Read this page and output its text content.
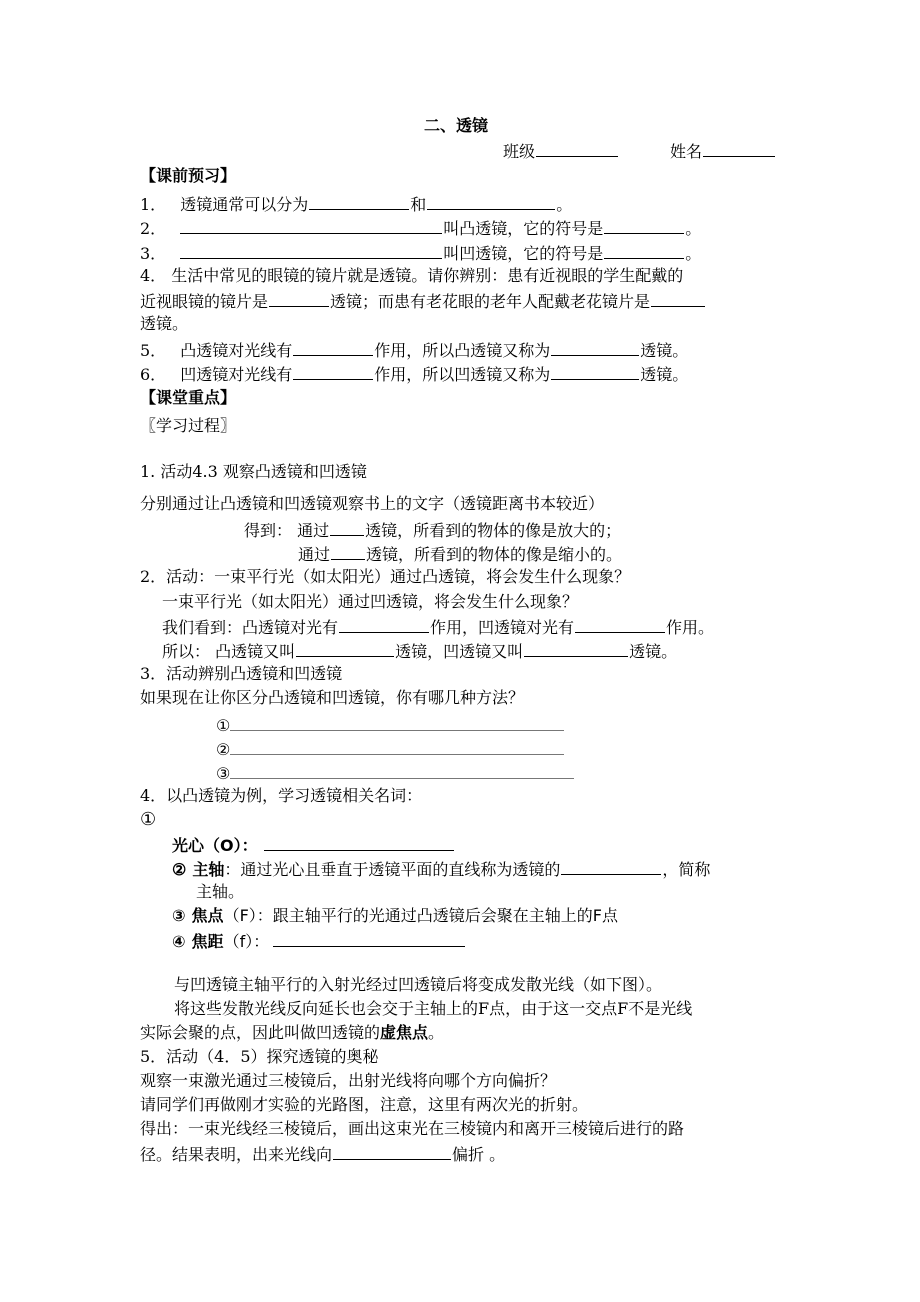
二、透镜
班级	姓名
【课前预习】
1． 透镜通常可以分为	和	。
2．	叫凸透镜，它的符号是	。
3．	叫凹透镜，它的符号是	。
4． 生活中常见的眼镜的镜片就是透镜。请你辨别：患有近视眼的学生配戴的
近视眼镜的镜片是	透镜；而患有老花眼的老年人配戴老花镜片是
透镜。
5． 凸透镜对光线有	作用，所以凸透镜又称为	透镜。
6． 凹透镜对光线有	作用，所以凹透镜又称为	透镜。
【课堂重点】
〖学习过程〗
1. 活动4.3 观察凸透镜和凹透镜
分别通过让凸透镜和凹透镜观察书上的文字（透镜距离书本较近）
得到： 通过 透镜，所看到的物体的像是放大的；
通过 透镜，所看到的物体的像是缩小的。
2．活动：一束平行光（如太阳光）通过凸透镜，将会发生什么现象？
一束平行光（如太阳光）通过凹透镜，将会发生什么现象？
我们看到：凸透镜对光有	作用，凹透镜对光有	作用。
所以： 凸透镜又叫	透镜，凹透镜又叫	透镜。
3．活动辨别凸透镜和凹透镜
如果现在让你区分凸透镜和凹透镜，你有哪几种方法？
①
②
③
4．以凸透镜为例，学习透镜相关名词：
①
光心（O）：
② 主轴：通过光心且垂直于透镜平面的直线称为透镜的	，简称
主轴。
③ 焦点（F）：跟主轴平行的光通过凸透镜后会聚在主轴上的F点
④ 焦距（f）：
与凹透镜主轴平行的入射光经过凹透镜后将变成发散光线（如下图）。
将这些发散光线反向延长也会交于主轴上的F点，由于这一交点F不是光线
实际会聚的点，因此叫做凹透镜的虚焦点。
5．活动（4．5）探究透镜的奥秘
观察一束激光通过三棱镜后，出射光线将向哪个方向偏折？
请同学们再做刚才实验的光路图，注意，这里有两次光的折射。
得出：一束光线经三棱镜后，画出这束光在三棱镜内和离开三棱镜后进行的路
径。结果表明，出来光线向	偏折 。
